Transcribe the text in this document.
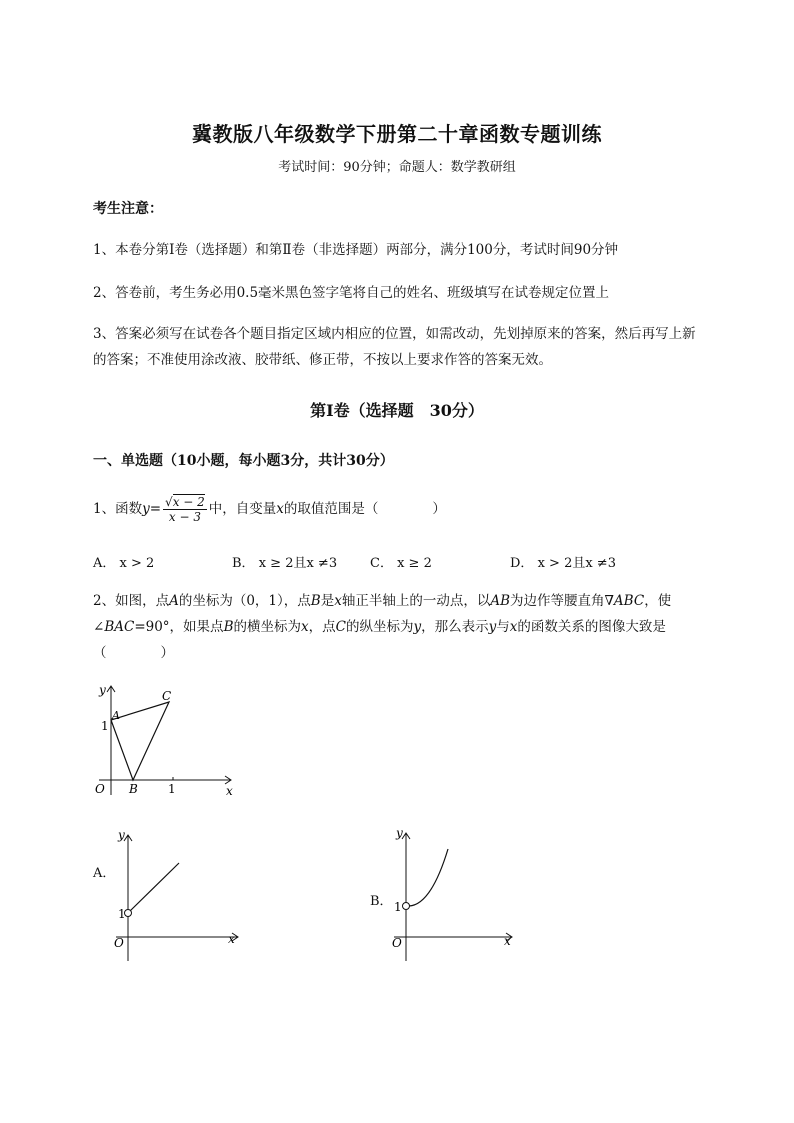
冀教版八年级数学下册第二十章函数专题训练
考试时间：90分钟；命题人：数学教研组
考生注意：
1、本卷分第I卷（选择题）和第Ⅱ卷（非选择题）两部分，满分100分，考试时间90分钟
2、答卷前，考生务必用0.5毫米黑色签字笔将自己的姓名、班级填写在试卷规定位置上
3、答案必须写在试卷各个题目指定区域内相应的位置，如需改动，先划掉原来的答案，然后再写上新
的答案；不准使用涂改液、胶带纸、修正带，不按以上要求作答的答案无效。
第I卷（选择题　30分）
一、单选题（10小题，每小题3分，共计30分）
1、函数$y= \frac{√x - 2}{x - 3}$ 中，自变量x的取值范围是（　　　　）
A． x > 2	B． x ≥ 2且x ≠3	C． x ≥ 2	D． x > 2且x ≠3
2、如图，点A的坐标为（0，1），点B是x轴正半轴上的一动点，以AB为边作等腰直角∇ABC，使
∠BAC=90°，如果点B的横坐标为x，点C的纵坐标为y，那么表示y与x的函数关系的图像大致是
（　　　　）
y
x
O
A
B
C
1
1
A．
y
x
O
1
B．
y
x
O
1
